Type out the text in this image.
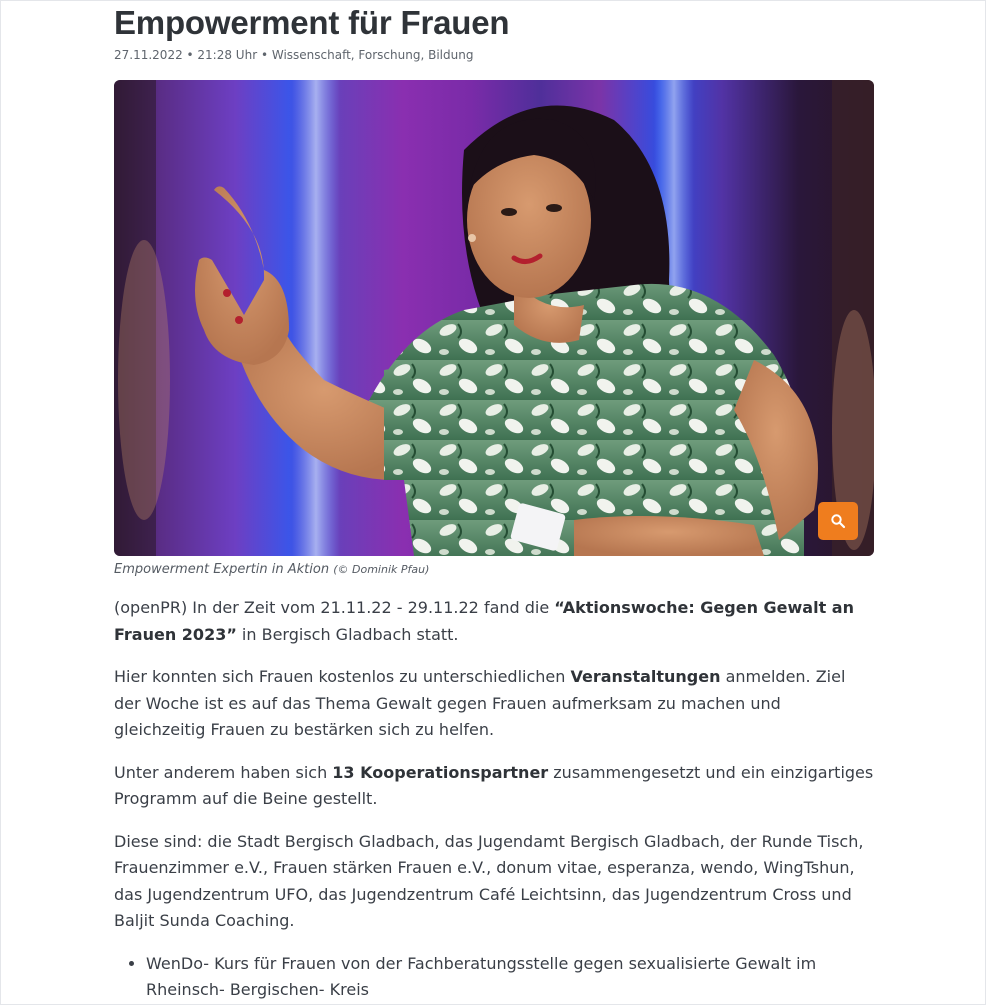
Empowerment für Frauen
27.11.2022 • 21:28 Uhr • Wissenschaft, Forschung, Bildung
Empowerment Expertin in Aktion (© Dominik Pfau)

(openPR) In der Zeit vom 21.11.22 - 29.11.22 fand die “Aktionswoche: Gegen Gewalt an Frauen 2023” in Bergisch Gladbach statt.

Hier konnten sich Frauen kostenlos zu unterschiedlichen Veranstaltungen anmelden. Ziel der Woche ist es auf das Thema Gewalt gegen Frauen aufmerksam zu machen und gleichzeitig Frauen zu bestärken sich zu helfen.

Unter anderem haben sich 13 Kooperationspartner zusammengesetzt und ein einzigartiges Programm auf die Beine gestellt.

Diese sind: die Stadt Bergisch Gladbach, das Jugendamt Bergisch Gladbach, der Runde Tisch, Frauenzimmer e.V., Frauen stärken Frauen e.V., donum vitae, esperanza, wendo, WingTshun, das Jugendzentrum UFO, das Jugendzentrum Café Leichtsinn, das Jugendzentrum Cross und Baljit Sunda Coaching.

• WenDo- Kurs für Frauen von der Fachberatungsstelle gegen sexualisierte Gewalt im Rheinsch- Bergischen- Kreis
